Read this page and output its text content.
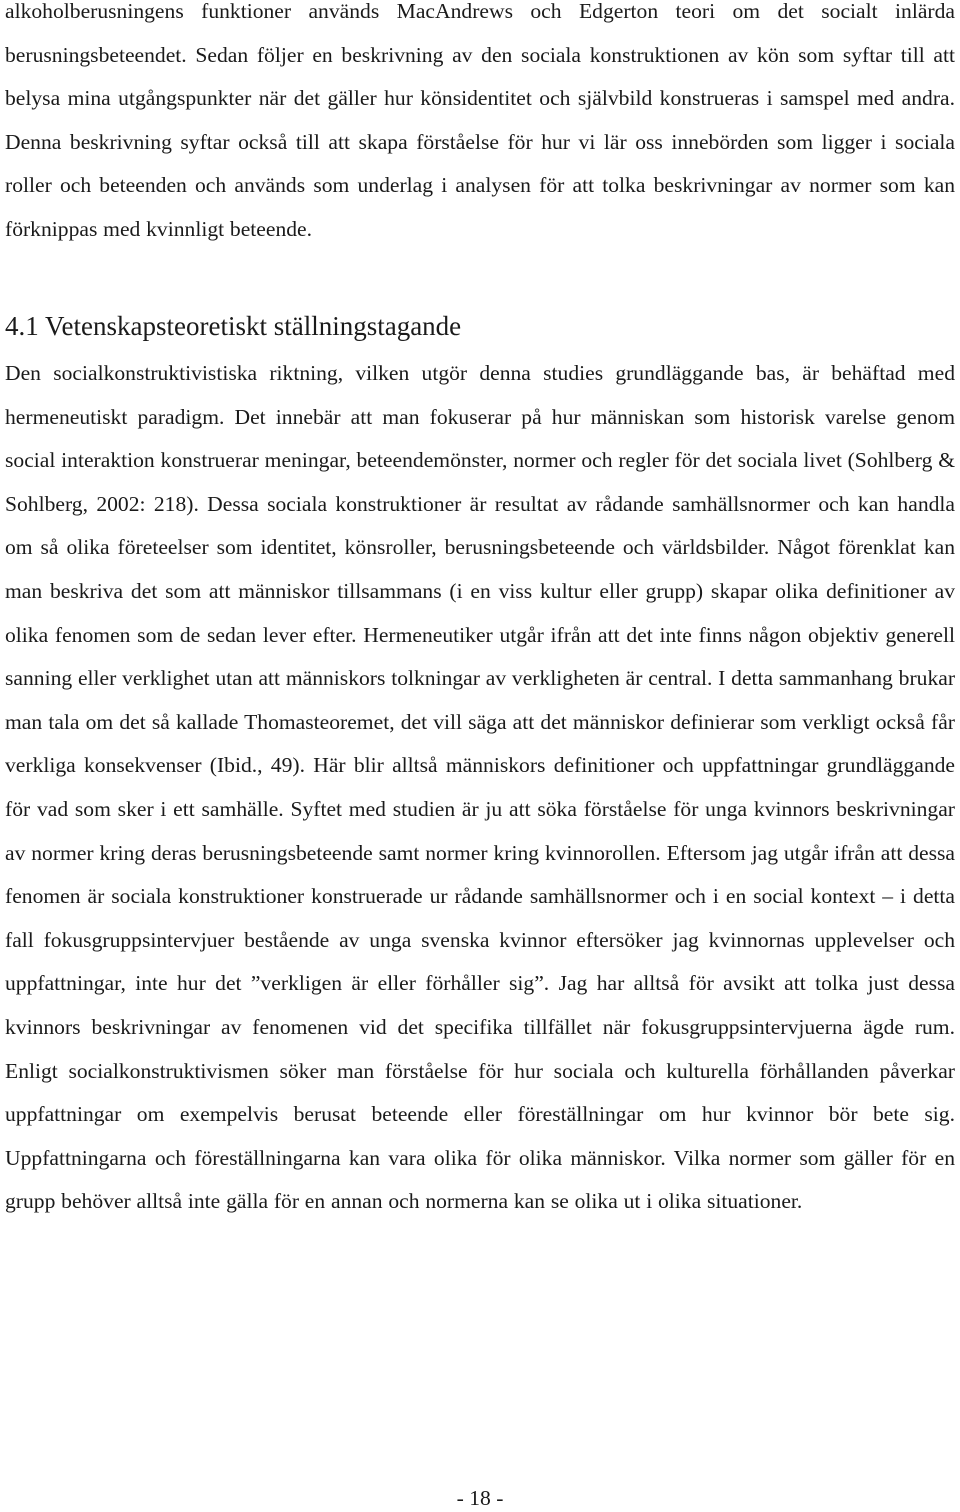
alkoholberusningens funktioner används MacAndrews och Edgerton teori om det socialt inlärda berusningsbeteendet. Sedan följer en beskrivning av den sociala konstruktionen av kön som syftar till att belysa mina utgångspunkter när det gäller hur könsidentitet och självbild konstrueras i samspel med andra. Denna beskrivning syftar också till att skapa förståelse för hur vi lär oss innebörden som ligger i sociala roller och beteenden och används som underlag i analysen för att tolka beskrivningar av normer som kan förknippas med kvinnligt beteende.

4.1 Vetenskapsteoretiskt ställningstagande

Den socialkonstruktivistiska riktning, vilken utgör denna studies grundläggande bas, är behäftad med hermeneutiskt paradigm. Det innebär att man fokuserar på hur människan som historisk varelse genom social interaktion konstruerar meningar, beteendemönster, normer och regler för det sociala livet (Sohlberg & Sohlberg, 2002: 218). Dessa sociala konstruktioner är resultat av rådande samhällsnormer och kan handla om så olika företeelser som identitet, könsroller, berusningsbeteende och världsbilder. Något förenklat kan man beskriva det som att människor tillsammans (i en viss kultur eller grupp) skapar olika definitioner av olika fenomen som de sedan lever efter. Hermeneutiker utgår ifrån att det inte finns någon objektiv generell sanning eller verklighet utan att människors tolkningar av verkligheten är central. I detta sammanhang brukar man tala om det så kallade Thomasteoremet, det vill säga att det människor definierar som verkligt också får verkliga konsekvenser (Ibid., 49). Här blir alltså människors definitioner och uppfattningar grundläggande för vad som sker i ett samhälle. Syftet med studien är ju att söka förståelse för unga kvinnors beskrivningar av normer kring deras berusningsbeteende samt normer kring kvinnorollen. Eftersom jag utgår ifrån att dessa fenomen är sociala konstruktioner konstruerade ur rådande samhällsnormer och i en social kontext – i detta fall fokusgruppsintervjuer bestående av unga svenska kvinnor eftersöker jag kvinnornas upplevelser och uppfattningar, inte hur det ”verkligen är eller förhåller sig”. Jag har alltså för avsikt att tolka just dessa kvinnors beskrivningar av fenomenen vid det specifika tillfället när fokusgruppsintervjuerna ägde rum. Enligt socialkonstruktivismen söker man förståelse för hur sociala och kulturella förhållanden påverkar uppfattningar om exempelvis berusat beteende eller föreställningar om hur kvinnor bör bete sig. Uppfattningarna och föreställningarna kan vara olika för olika människor. Vilka normer som gäller för en grupp behöver alltså inte gälla för en annan och normerna kan se olika ut i olika situationer.

- 18 -
